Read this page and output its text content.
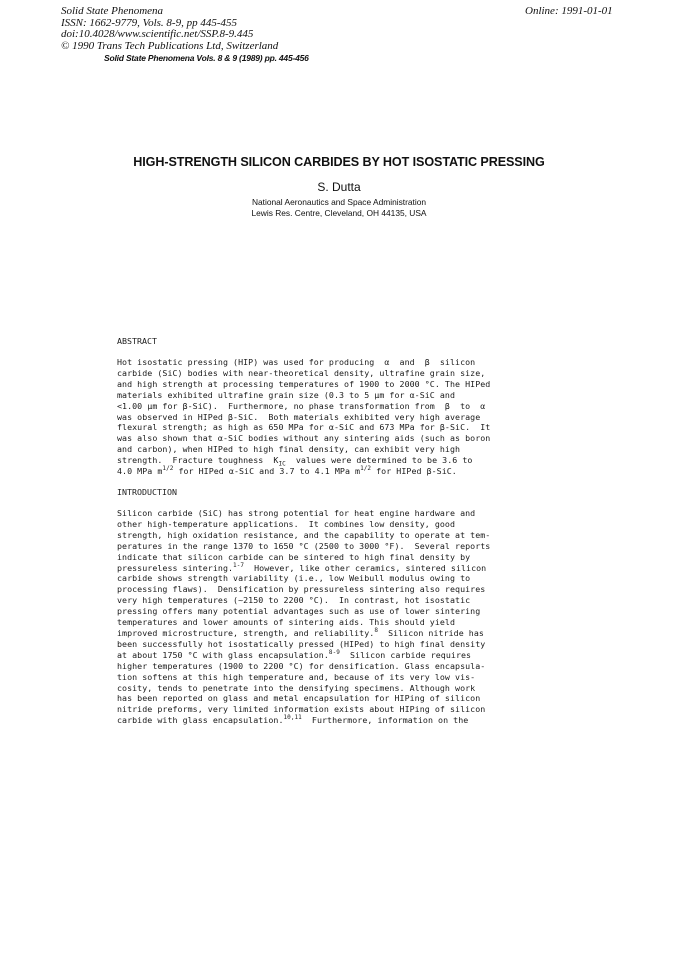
Solid State Phenomena
ISSN: 1662-9779, Vols. 8-9, pp 445-455
doi:10.4028/www.scientific.net/SSP.8-9.445
© 1990 Trans Tech Publications Ltd, Switzerland
Online: 1991-01-01
Solid State Phenomena Vols. 8 & 9 (1989) pp. 445-456
HIGH-STRENGTH SILICON CARBIDES BY HOT ISOSTATIC PRESSING
S. Dutta
National Aeronautics and Space Administration
Lewis Res. Centre, Cleveland, OH 44135, USA
ABSTRACT
Hot isostatic pressing (HIP) was used for producing  α  and  β  silicon
carbide (SiC) bodies with near-theoretical density, ultrafine grain size,
and high strength at processing temperatures of 1900 to 2000 °C. The HIPed
materials exhibited ultrafine grain size (0.3 to 5 μm for α-SiC and
<1.00 μm for β-SiC).  Furthermore, no phase transformation from  β  to  α
was observed in HIPed β-SiC.  Both materials exhibited very high average
flexural strength; as high as 650 MPa for α-SiC and 673 MPa for β-SiC.  It
was also shown that α-SiC bodies without any sintering aids (such as boron
and carbon), when HIPed to high final density, can exhibit very high
strength.  Fracture toughness  $K_{IC}$  values were determined to be 3.6 to
4.0 MPa $m^{1/2}$ for HIPed α-SiC and 3.7 to 4.1 MPa $m^{1/2}$ for HIPed β-SiC.
INTRODUCTION
Silicon carbide (SiC) has strong potential for heat engine hardware and
other high-temperature applications.  It combines low density, good
strength, high oxidation resistance, and the capability to operate at tem-
peratures in the range 1370 to 1650 °C (2500 to 3000 °F).  Several reports
indicate that silicon carbide can be sintered to high final density by
pressureless sintering.$^{1-7}$  However, like other ceramics, sintered silicon
carbide shows strength variability (i.e., low Weibull modulus owing to
processing flaws).  Densification by pressureless sintering also requires
very high temperatures (~2150 to 2200 °C).  In contrast, hot isostatic
pressing offers many potential advantages such as use of lower sintering
temperatures and lower amounts of sintering aids. This should yield
improved microstructure, strength, and reliability.$^8$  Silicon nitride has
been successfully hot isostatically pressed (HIPed) to high final density
at about 1750 °C with glass encapsulation.$^{8-9}$  Silicon carbide requires
higher temperatures (1900 to 2200 °C) for densification. Glass encapsula-
tion softens at this high temperature and, because of its very low vis-
cosity, tends to penetrate into the densifying specimens. Although work
has been reported on glass and metal encapsulation for HIPing of silicon
nitride preforms, very limited information exists about HIPing of silicon
carbide with glass encapsulation.$^{10,11}$  Furthermore, information on the
